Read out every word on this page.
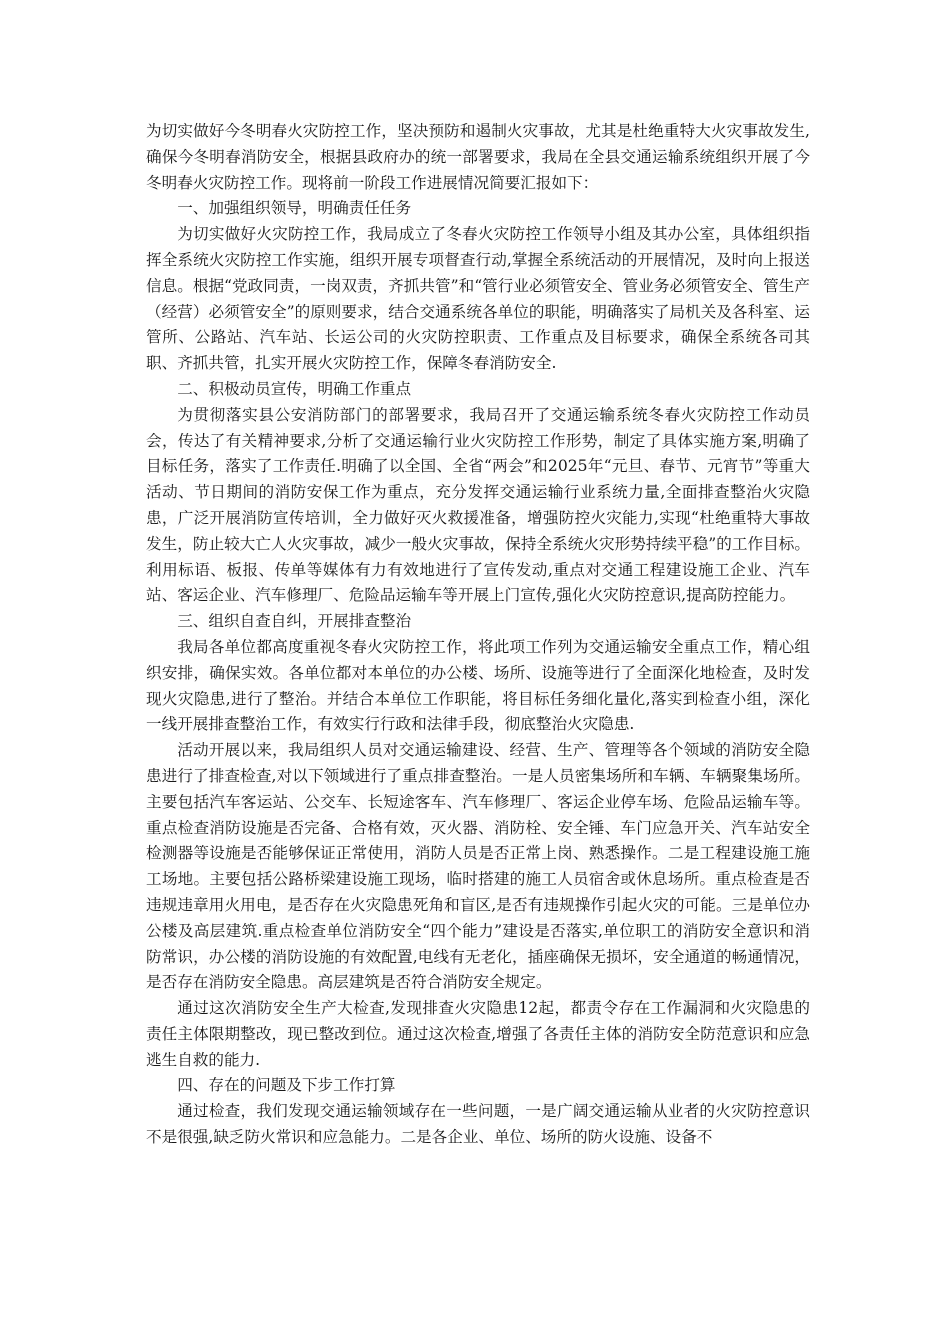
为切实做好今冬明春火灾防控工作，坚决预防和遏制火灾事故，尤其是杜绝重特大火灾事故发生,确保今冬明春消防安全，根据县政府办的统一部署要求，我局在全县交通运输系统组织开展了今冬明春火灾防控工作。现将前一阶段工作进展情况简要汇报如下：

一、加强组织领导，明确责任任务

为切实做好火灾防控工作，我局成立了冬春火灾防控工作领导小组及其办公室，具体组织指挥全系统火灾防控工作实施，组织开展专项督查行动,掌握全系统活动的开展情况，及时向上报送信息。根据“党政同责，一岗双责，齐抓共管”和“管行业必须管安全、管业务必须管安全、管生产（经营）必须管安全”的原则要求，结合交通系统各单位的职能，明确落实了局机关及各科室、运管所、公路站、汽车站、长运公司的火灾防控职责、工作重点及目标要求，确保全系统各司其职、齐抓共管，扎实开展火灾防控工作，保障冬春消防安全.

二、积极动员宣传，明确工作重点

为贯彻落实县公安消防部门的部署要求，我局召开了交通运输系统冬春火灾防控工作动员会，传达了有关精神要求,分析了交通运输行业火灾防控工作形势，制定了具体实施方案,明确了目标任务，落实了工作责任.明确了以全国、全省“两会”和2025年“元旦、春节、元宵节”等重大活动、节日期间的消防安保工作为重点，充分发挥交通运输行业系统力量,全面排查整治火灾隐患，广泛开展消防宣传培训，全力做好灭火救援准备，增强防控火灾能力,实现“杜绝重特大事故发生，防止较大亡人火灾事故，减少一般火灾事故，保持全系统火灾形势持续平稳”的工作目标。利用标语、板报、传单等媒体有力有效地进行了宣传发动,重点对交通工程建设施工企业、汽车站、客运企业、汽车修理厂、危险品运输车等开展上门宣传,强化火灾防控意识,提高防控能力。

三、组织自查自纠，开展排查整治

我局各单位都高度重视冬春火灾防控工作，将此项工作列为交通运输安全重点工作，精心组织安排，确保实效。各单位都对本单位的办公楼、场所、设施等进行了全面深化地检查，及时发现火灾隐患,进行了整治。并结合本单位工作职能，将目标任务细化量化,落实到检查小组，深化一线开展排查整治工作，有效实行行政和法律手段，彻底整治火灾隐患.

活动开展以来，我局组织人员对交通运输建设、经营、生产、管理等各个领域的消防安全隐患进行了排查检查,对以下领域进行了重点排查整治。一是人员密集场所和车辆、车辆聚集场所。主要包括汽车客运站、公交车、长短途客车、汽车修理厂、客运企业停车场、危险品运输车等。重点检查消防设施是否完备、合格有效，灭火器、消防栓、安全锤、车门应急开关、汽车站安全检测器等设施是否能够保证正常使用，消防人员是否正常上岗、熟悉操作。二是工程建设施工施工场地。主要包括公路桥梁建设施工现场，临时搭建的施工人员宿舍或休息场所。重点检查是否违规违章用火用电，是否存在火灾隐患死角和盲区,是否有违规操作引起火灾的可能。三是单位办公楼及高层建筑.重点检查单位消防安全“四个能力”建设是否落实,单位职工的消防安全意识和消防常识，办公楼的消防设施的有效配置,电线有无老化，插座确保无损坏，安全通道的畅通情况，是否存在消防安全隐患。高层建筑是否符合消防安全规定。

通过这次消防安全生产大检查,发现排查火灾隐患12起，都责令存在工作漏洞和火灾隐患的责任主体限期整改，现已整改到位。通过这次检查,增强了各责任主体的消防安全防范意识和应急逃生自救的能力.

四、存在的问题及下步工作打算

通过检查，我们发现交通运输领域存在一些问题，一是广阔交通运输从业者的火灾防控意识不是很强,缺乏防火常识和应急能力。二是各企业、单位、场所的防火设施、设备不
